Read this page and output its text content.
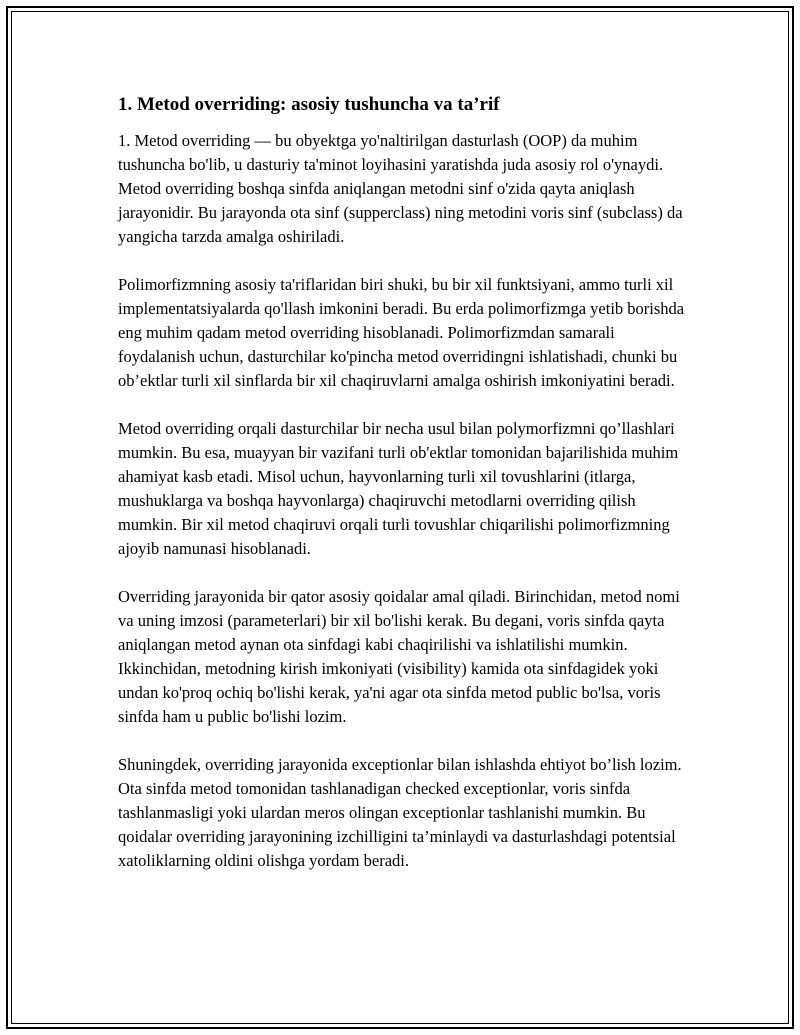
1. Metod overriding: asosiy tushuncha va ta’rif

1. Metod overriding — bu obyektga yo'naltirilgan dasturlash (OOP) da muhim tushuncha bo'lib, u dasturiy ta'minot loyihasini yaratishda juda asosiy rol o'ynaydi. Metod overriding boshqa sinfda aniqlangan metodni sinf o'zida qayta aniqlash jarayonidir. Bu jarayonda ota sinf (supperclass) ning metodini voris sinf (subclass) da yangicha tarzda amalga oshiriladi.

Polimorfizmning asosiy ta'riflaridan biri shuki, bu bir xil funktsiyani, ammo turli xil implementatsiyalarda qo'llash imkonini beradi. Bu erda polimorfizmga yetib borishda eng muhim qadam metod overriding hisoblanadi. Polimorfizmdan samarali foydalanish uchun, dasturchilar ko'pincha metod overridingni ishlatishadi, chunki bu ob’ektlar turli xil sinflarda bir xil chaqiruvlarni amalga oshirish imkoniyatini beradi.

Metod overriding orqali dasturchilar bir necha usul bilan polymorfizmni qo’llashlari mumkin. Bu esa, muayyan bir vazifani turli ob'ektlar tomonidan bajarilishida muhim ahamiyat kasb etadi. Misol uchun, hayvonlarning turli xil tovushlarini (itlarga, mushuklarga va boshqa hayvonlarga) chaqiruvchi metodlarni overriding qilish mumkin. Bir xil metod chaqiruvi orqali turli tovushlar chiqarilishi polimorfizmning ajoyib namunasi hisoblanadi.

Overriding jarayonida bir qator asosiy qoidalar amal qiladi. Birinchidan, metod nomi va uning imzosi (parameterlari) bir xil bo'lishi kerak. Bu degani, voris sinfda qayta aniqlangan metod aynan ota sinfdagi kabi chaqirilishi va ishlatilishi mumkin. Ikkinchidan, metodning kirish imkoniyati (visibility) kamida ota sinfdagidek yoki undan ko'proq ochiq bo'lishi kerak, ya'ni agar ota sinfda metod public bo'lsa, voris sinfda ham u public bo'lishi lozim.

Shuningdek, overriding jarayonida exceptionlar bilan ishlashda ehtiyot bo’lish lozim. Ota sinfda metod tomonidan tashlanadigan checked exceptionlar, voris sinfda tashlanmasligi yoki ulardan meros olingan exceptionlar tashlanishi mumkin. Bu qoidalar overriding jarayonining izchilligini ta’minlaydi va dasturlashdagi potentsial xatoliklarning oldini olishga yordam beradi.
